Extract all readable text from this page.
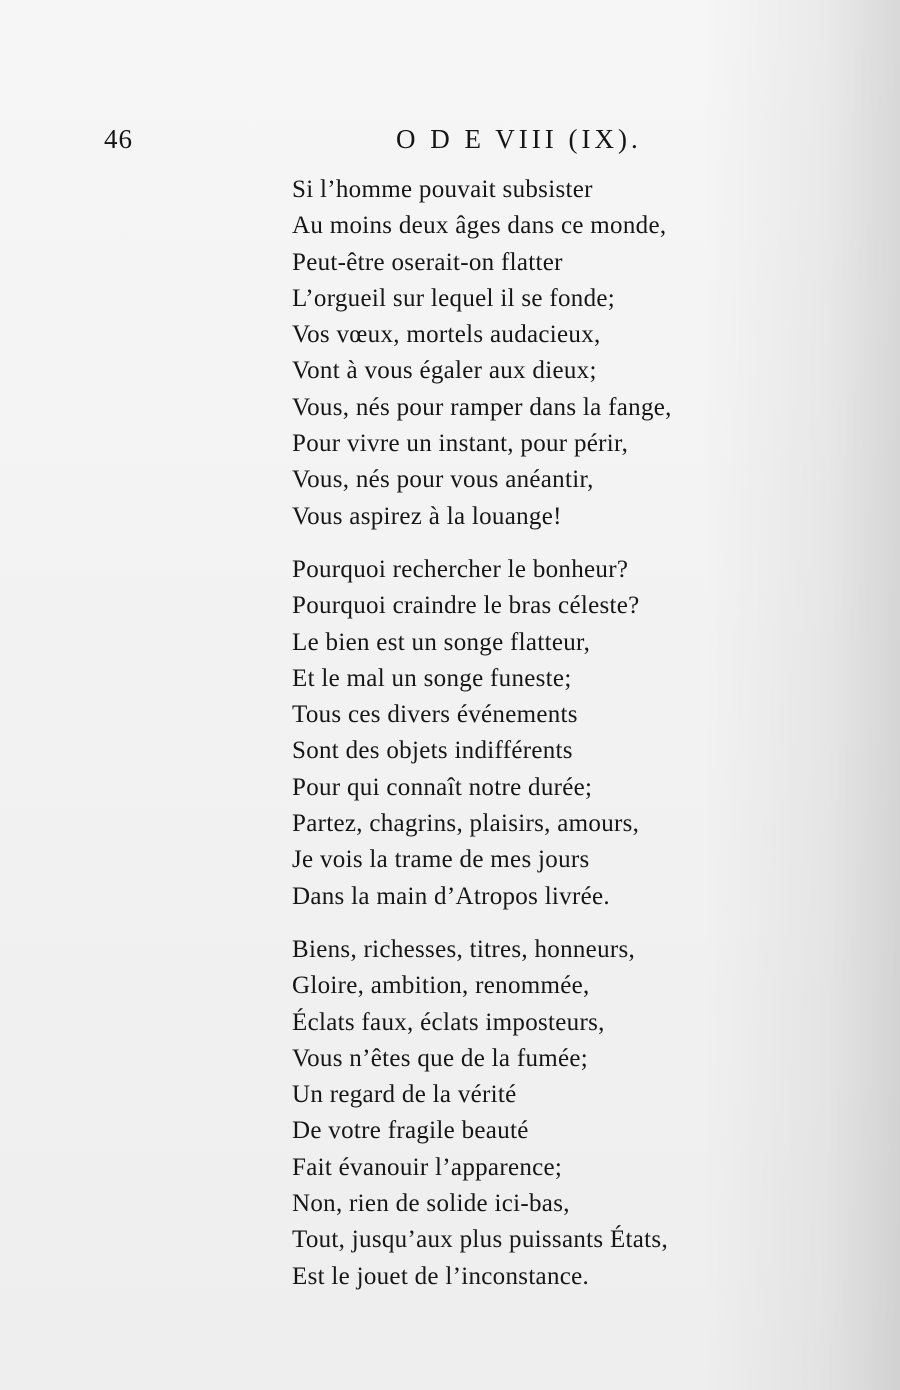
46	O D E VIII (IX).
Si l’homme pouvait subsister
Au moins deux âges dans ce monde,
Peut-être oserait-on flatter
L’orgueil sur lequel il se fonde;
Vos vœux, mortels audacieux,
Vont à vous égaler aux dieux;
Vous, nés pour ramper dans la fange,
Pour vivre un instant, pour périr,
Vous, nés pour vous anéantir,
Vous aspirez à la louange!
Pourquoi rechercher le bonheur?
Pourquoi craindre le bras céleste?
Le bien est un songe flatteur,
Et le mal un songe funeste;
Tous ces divers événements
Sont des objets indifférents
Pour qui connaît notre durée;
Partez, chagrins, plaisirs, amours,
Je vois la trame de mes jours
Dans la main d’Atropos livrée.
Biens, richesses, titres, honneurs,
Gloire, ambition, renommée,
Éclats faux, éclats imposteurs,
Vous n’êtes que de la fumée;
Un regard de la vérité
De votre fragile beauté
Fait évanouir l’apparence;
Non, rien de solide ici-bas,
Tout, jusqu’aux plus puissants États,
Est le jouet de l’inconstance.
